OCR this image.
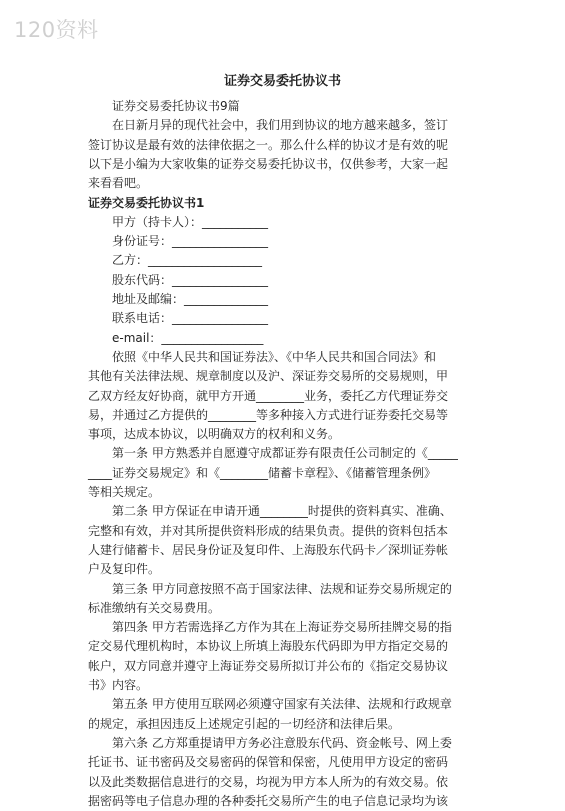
120资料
证券交易委托协议书
　　证券交易委托协议书9篇
　　在日新月异的现代社会中，我们用到协议的地方越来越多，签订
签订协议是最有效的法律依据之一。那么什么样的协议才是有效的呢
以下是小编为大家收集的证券交易委托协议书，仅供参考，大家一起
来看看吧。
证券交易委托协议书1
　　甲方（持卡人）：___________
　　身份证号：________________
　　乙方：___________________
　　股东代码：________________
　　地址及邮编：______________
　　联系电话：________________
　　e-mail：_________________
　　依照《中华人民共和国证券法》、《中华人民共和国合同法》和
其他有关法律法规、规章制度以及沪、深证券交易所的交易规则，甲
乙双方经友好协商，就甲方开通________业务，委托乙方代理证券交
易，并通过乙方提供的________等多种接入方式进行证券委托交易等
事项，达成本协议，以明确双方的权利和义务。
　　第一条 甲方熟悉并自愿遵守成都证券有限责任公司制定的《_____
____证券交易规定》和《________储蓄卡章程》、《储蓄管理条例》
等相关规定。
　　第二条 甲方保证在申请开通________时提供的资料真实、准确、
完整和有效，并对其所提供资料形成的结果负责。提供的资料包括本
人建行储蓄卡、居民身份证及复印件、上海股东代码卡／深圳证券帐
户及复印件。
　　第三条 甲方同意按照不高于国家法律、法规和证券交易所规定的
标准缴纳有关交易费用。
　　第四条 甲方若需选择乙方作为其在上海证券交易所挂牌交易的指
定交易代理机构时，本协议上所填上海股东代码即为甲方指定交易的
帐户，双方同意并遵守上海证券交易所拟订并公布的《指定交易协议
书》内容。
　　第五条 甲方使用互联网必须遵守国家有关法律、法规和行政规章
的规定，承担因违反上述规定引起的一切经济和法律后果。
　　第六条 乙方郑重提请甲方务必注意股东代码、资金帐号、网上委
托证书、证书密码及交易密码的保管和保密，凡使用甲方设定的密码
以及此类数据信息进行的交易，均视为甲方本人所为的有效交易。依
据密码等电子信息办理的各种委托交易所产生的电子信息记录均为该
